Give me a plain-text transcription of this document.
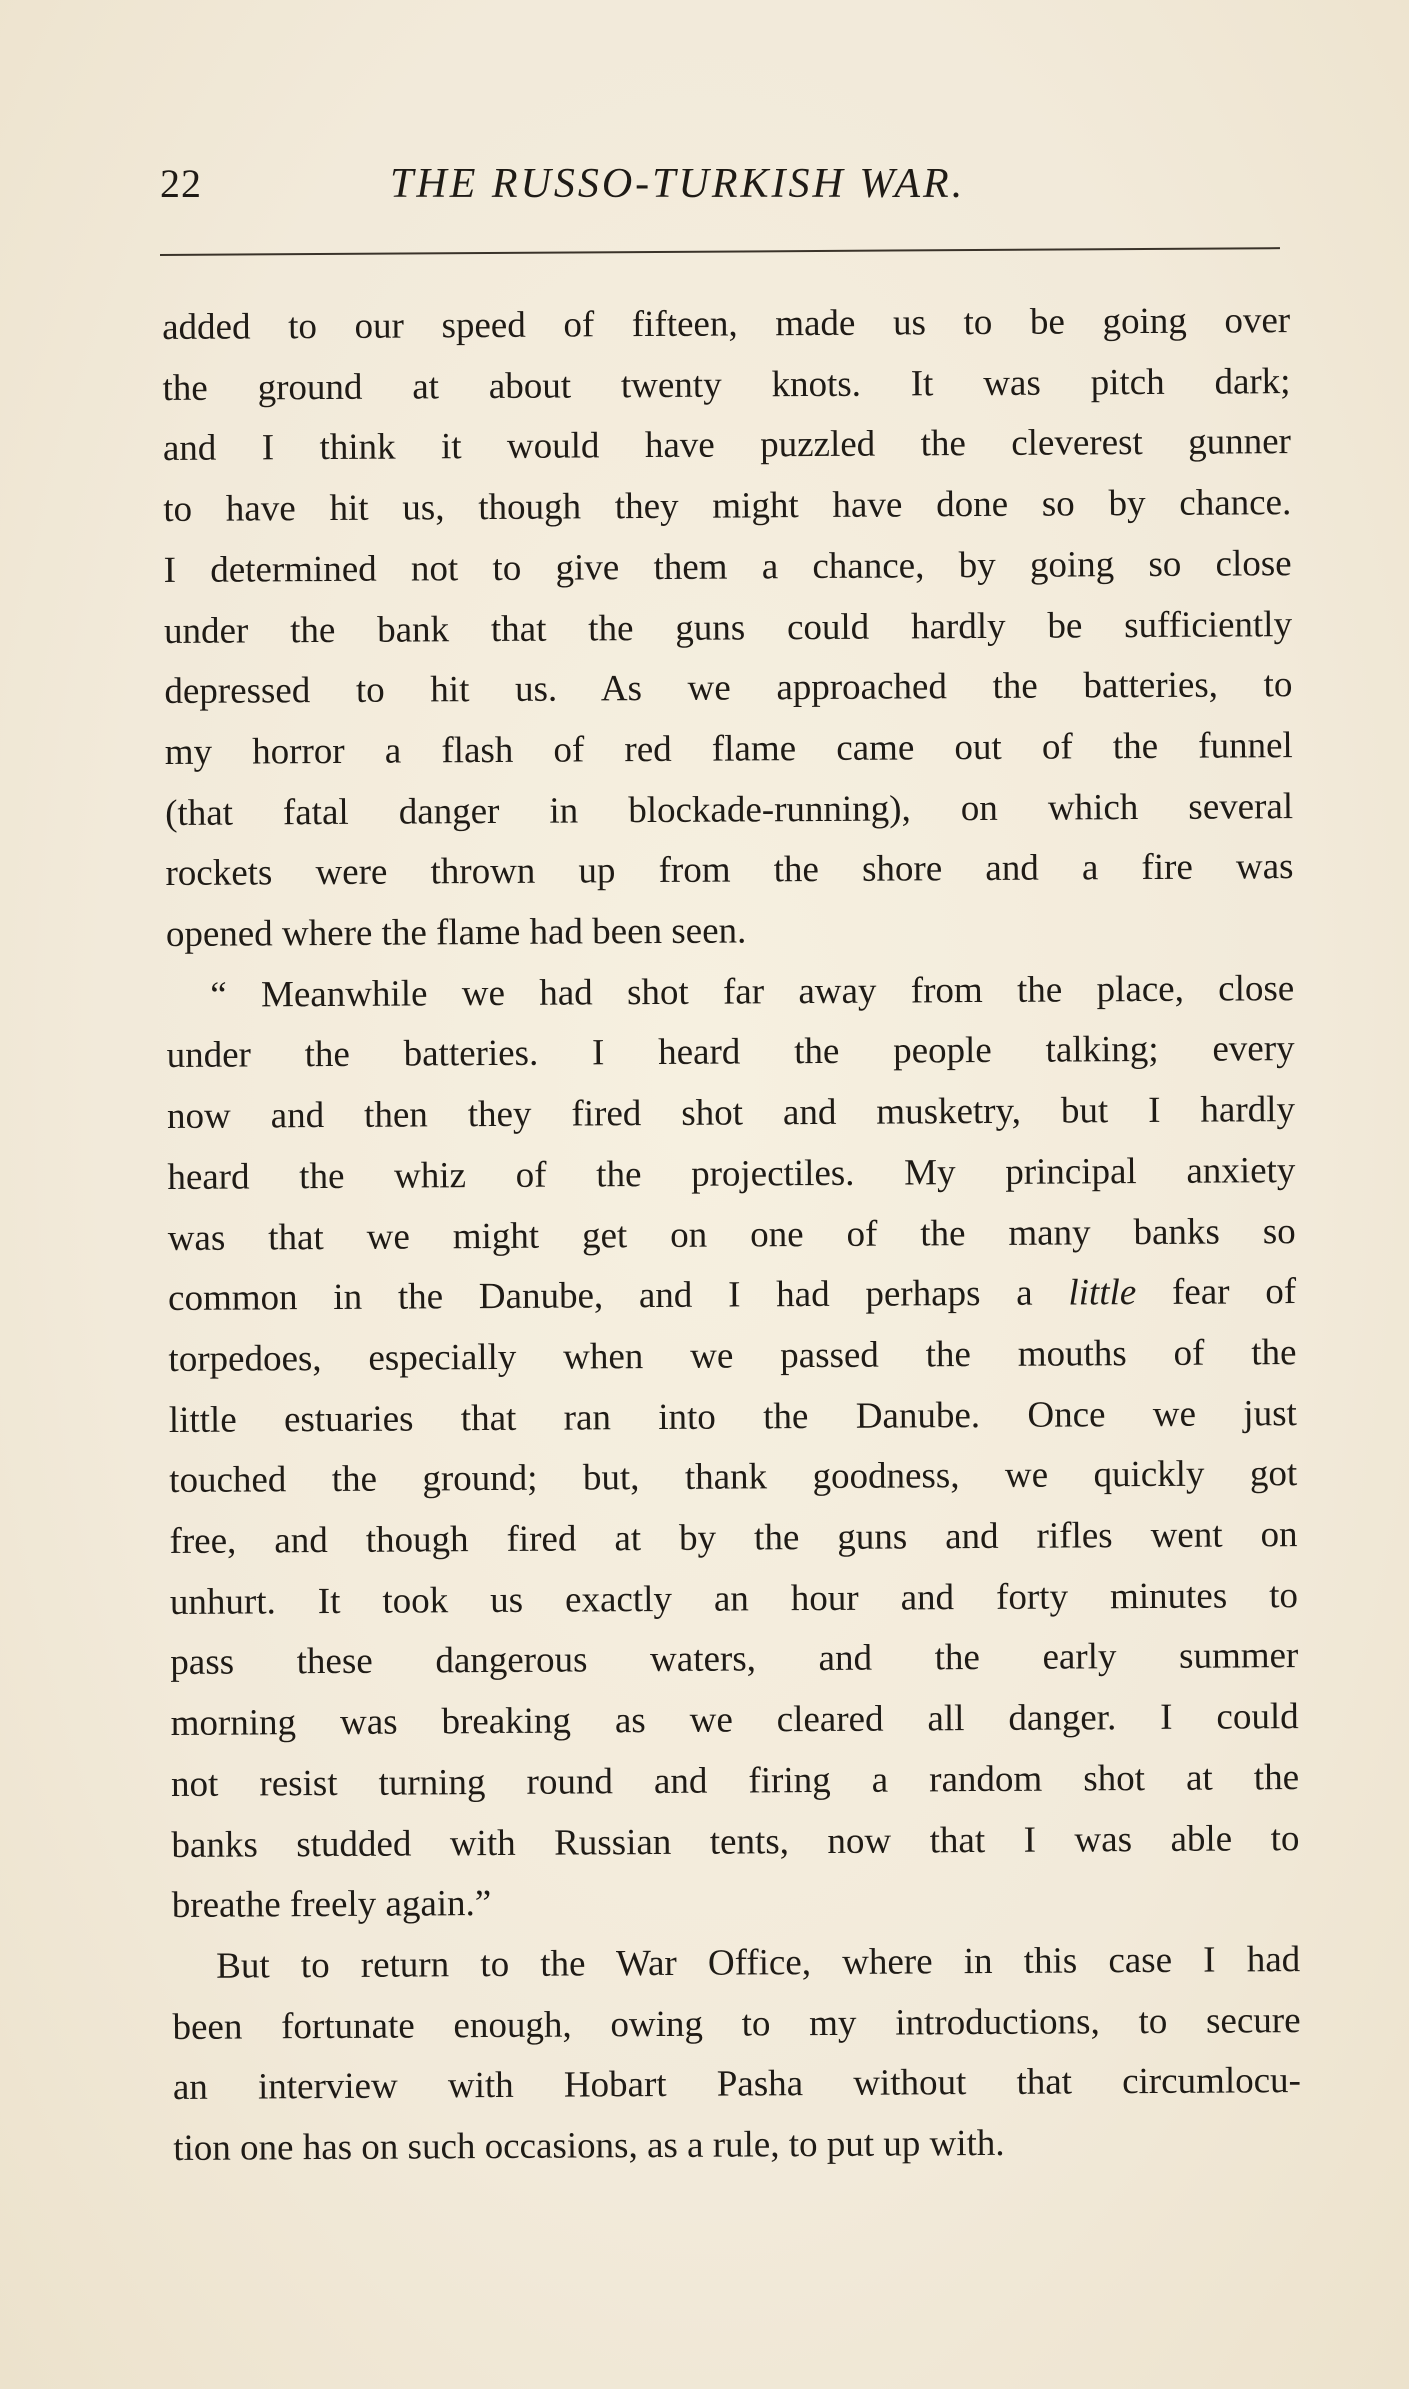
22	THE RUSSO-TURKISH WAR.
added to our speed of fifteen, made us to be going over
the ground at about twenty knots. It was pitch dark;
and I think it would have puzzled the cleverest gunner
to have hit us, though they might have done so by chance.
I determined not to give them a chance, by going so close
under the bank that the guns could hardly be sufficiently
depressed to hit us. As we approached the batteries, to
my horror a flash of red flame came out of the funnel
(that fatal danger in blockade-running), on which several
rockets were thrown up from the shore and a fire was
opened where the flame had been seen.
“ Meanwhile we had shot far away from the place, close
under the batteries. I heard the people talking; every
now and then they fired shot and musketry, but I hardly
heard the whiz of the projectiles. My principal anxiety
was that we might get on one of the many banks so
common in the Danube, and I had perhaps a little fear of
torpedoes, especially when we passed the mouths of the
little estuaries that ran into the Danube. Once we just
touched the ground; but, thank goodness, we quickly got
free, and though fired at by the guns and rifles went on
unhurt. It took us exactly an hour and forty minutes to
pass these dangerous waters, and the early summer
morning was breaking as we cleared all danger. I could
not resist turning round and firing a random shot at the
banks studded with Russian tents, now that I was able to
breathe freely again.”
But to return to the War Office, where in this case I had
been fortunate enough, owing to my introductions, to secure
an interview with Hobart Pasha without that circumlocu-
tion one has on such occasions, as a rule, to put up with.
